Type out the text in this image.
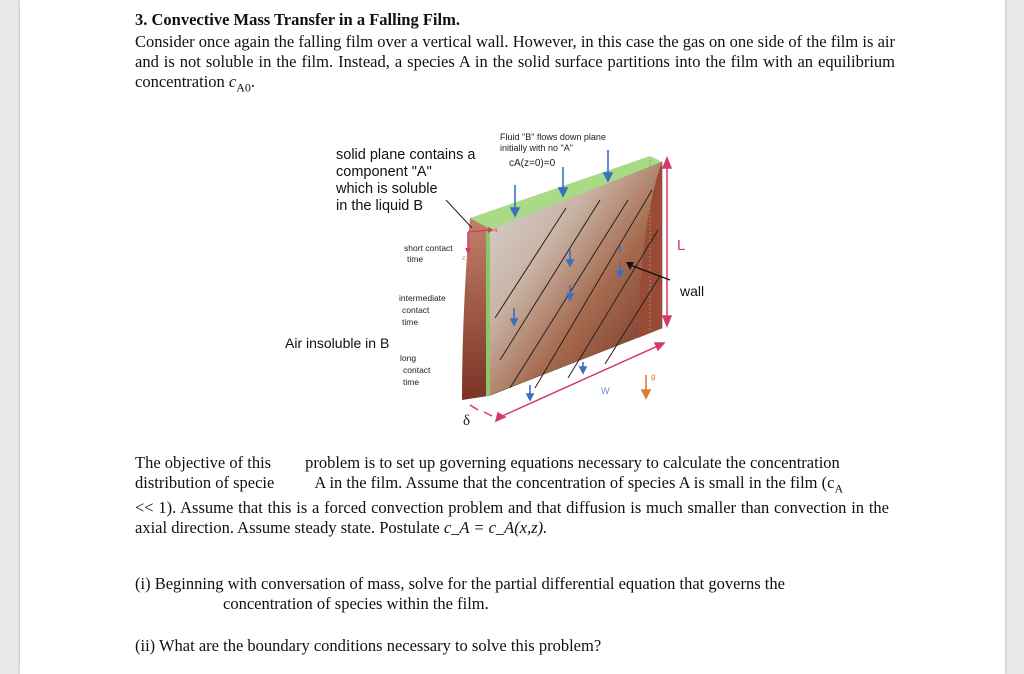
3. Convective Mass Transfer in a Falling Film.
Consider once again the falling film over a vertical wall. However, in this case the gas on one side of the film is air and is not soluble in the film. Instead, a species A in the solid surface partitions into the film with an equilibrium concentration $c_{A0}$.
solid plane contains a component "A" which is soluble in the liquid B
Fluid "B" flows down plane initially with no "A"
cA(z=0)=0
short contact time
intermediate contact time
long contact time
Air insoluble in B
wall
L
W
g
δ
x
z
The objective of this problem is to set up governing equations necessary to calculate the concentration
distribution of specie A in the film. Assume that the concentration of species A is small in the film ($c_A$
<< 1). Assume that this is a forced convection problem and that diffusion is much smaller than convection in the axial direction. Assume steady state. Postulate c_A = c_A(x,z).
(i) Beginning with conversation of mass, solve for the partial differential equation that governs the
concentration of species within the film.
(ii) What are the boundary conditions necessary to solve this problem?
